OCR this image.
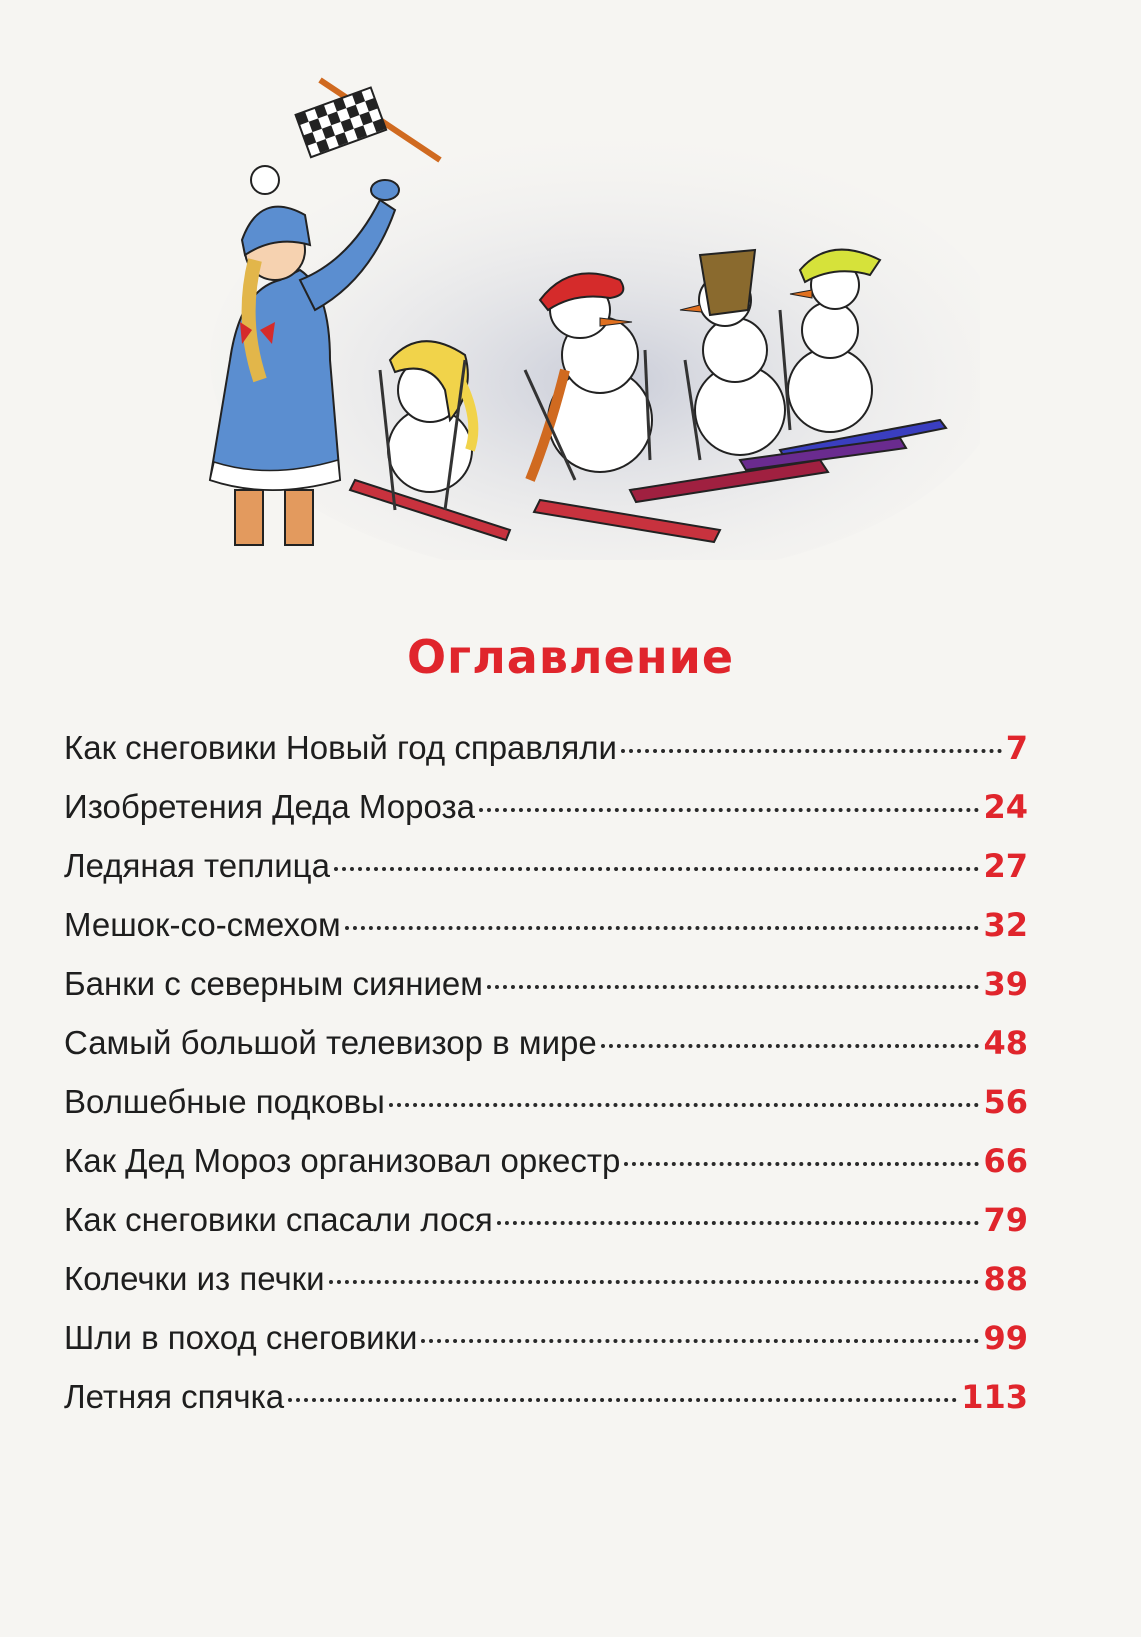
Оглавление
Как снеговики Новый год справляли	7
Изобретения Деда Мороза	24
Ледяная теплица	27
Мешок-со-смехом	32
Банки с северным сиянием	39
Самый большой телевизор в мире	48
Волшебные подковы	56
Как Дед Мороз организовал оркестр	66
Как снеговики спасали лося	79
Колечки из печки	88
Шли в поход снеговики	99
Летняя спячка	113
